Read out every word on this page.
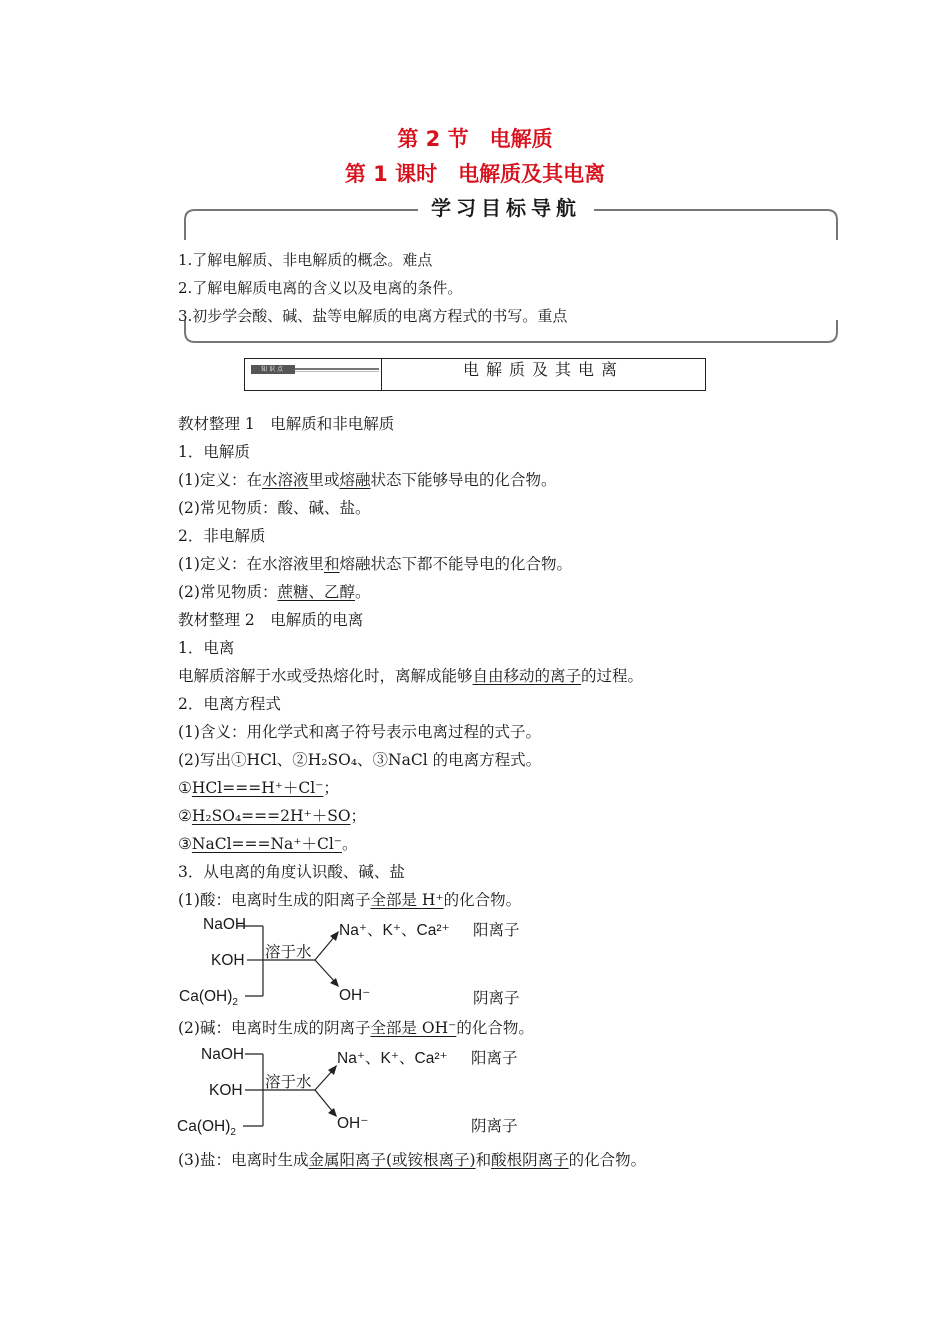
第 2 节　电解质
第 1 课时　电解质及其电离
学习目标导航
1.了解电解质、非电解质的概念。难点
2.了解电解质电离的含义以及电离的条件。
3.初步学会酸、碱、盐等电解质的电离方程式的书写。重点
知识点	电解质及其电离
教材整理 1　电解质和非电解质
1．电解质
(1)定义：在水溶液里或熔融状态下能够导电的化合物。
(2)常见物质：酸、碱、盐。
2．非电解质
(1)定义：在水溶液里和熔融状态下都不能导电的化合物。
(2)常见物质：蔗糖、乙醇。
教材整理 2　电解质的电离
1．电离
电解质溶解于水或受热熔化时，离解成能够自由移动的离子的过程。
2．电离方程式
(1)含义：用化学式和离子符号表示电离过程的式子。
(2)写出①HCl、②H₂SO₄、③NaCl 的电离方程式。
①HCl===H⁺＋Cl⁻；
②H₂SO₄===2H⁺＋SO；
③NaCl===Na⁺＋Cl⁻。
3．从电离的角度认识酸、碱、盐
(1)酸：电离时生成的阳离子全部是 H⁺的化合物。
NaOH
KOH
$Ca(OH)_2$
溶于水
Na⁺、K⁺、Ca²⁺
OH⁻
阳离子
阴离子
(2)碱：电离时生成的阴离子全部是 OH⁻的化合物。
NaOH
KOH
$Ca(OH)_2$
溶于水
Na⁺、K⁺、Ca²⁺
OH⁻
阳离子
阴离子
(3)盐：电离时生成金属阳离子(或铵根离子)和酸根阴离子的化合物。
